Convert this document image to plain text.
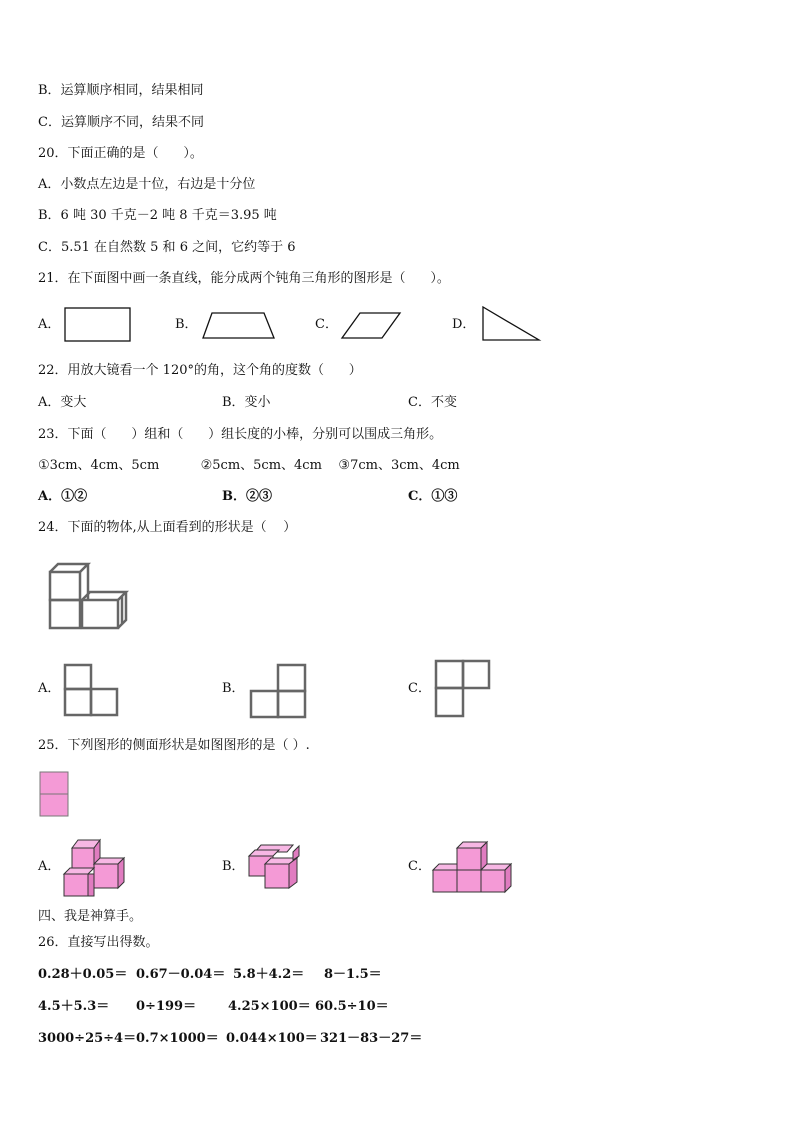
B．运算顺序相同，结果相同
C．运算顺序不同，结果不同
20．下面正确的是（      ）。
A．小数点左边是十位，右边是十分位
B．6 吨 30 千克－2 吨 8 千克＝3.95 吨
C．5.51 在自然数 5 和 6 之间，它约等于 6
21．在下面图中画一条直线，能分成两个钝角三角形的图形是（      ）。
A．	B．	C．	D．
22．用放大镜看一个 120°的角，这个角的度数（      ）
A．变大	B．变小	C．不变
23．下面（      ）组和（      ）组长度的小棒，分别可以围成三角形。
①3cm、4cm、5cm          ②5cm、5cm、4cm    ③7cm、3cm、4cm
A．①②	B．②③	C．①③
24．下面的物体,从上面看到的形状是（    ）
A．	B．	C．
25．下列图形的侧面形状是如图图形的是（ ）.
A．	B．	C．
四、我是神算手。
26．直接写出得数。
0.28＋0.05＝ 0.67－0.04＝ 5.8＋4.2＝ 8－1.5＝
4.5＋5.3＝ 0÷199＝ 4.25×100＝ 60.5÷10＝
3000÷25÷4＝ 0.7×1000＝ 0.044×100＝ 321－83－27＝
